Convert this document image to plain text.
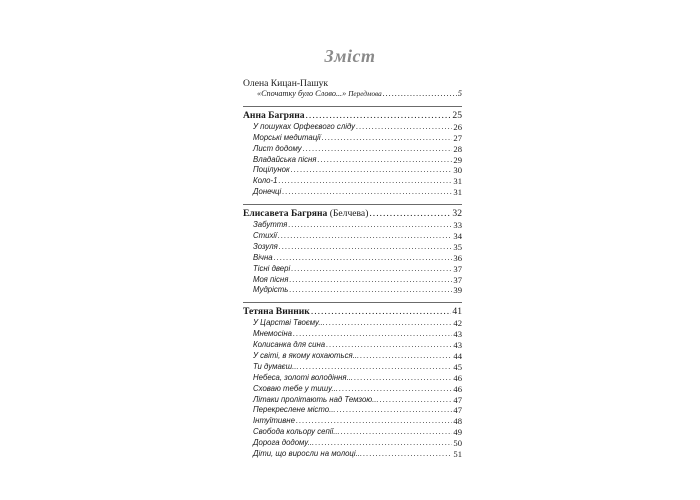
Зміст
Олена Кицан-Пашук
«Спочатку було Слово...» Передмова .....	5
Анна Багряна .....	25
У пошуках Орфеєвого сліду .....	26
Морські медитації .....	27
Лист додому .....	28
Владайська пісня .....	29
Поцілунок .....	30
Коло-1 .....	31
Донечці .....	31
Елисавета Багряна (Белчева) .....	32
Забуття .....	33
Стихії .....	34
Зозуля .....	35
Вічна .....	36
Тісні двері .....	37
Моя пісня .....	37
Мудрість .....	39
Тетяна Винник .....	41
У Царстві Твоєму... .....	42
Мнемосіна .....	43
Колисанка для сина .....	43
У світі, в якому кохаються... .....	44
Ти думаєш... .....	45
Небеса, золоті володіння... .....	46
Сховаю тебе у тишу... .....	46
Літаки пролітають над Темзою... .....	47
Перекреслене місто... .....	47
Інтуїтивне .....	48
Свобода кольору сепії... .....	49
Дорога додому... .....	50
Діти, що виросли на молоці... .....	51
